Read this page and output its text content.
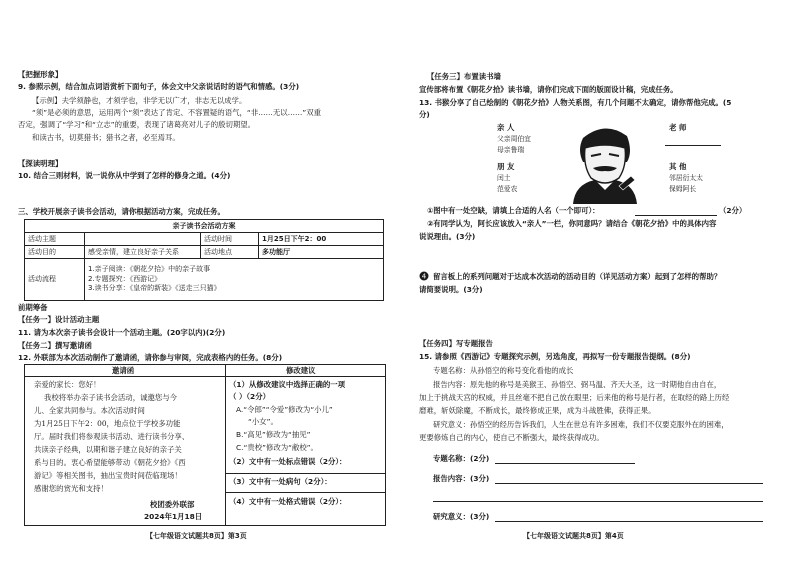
【把握形象】
9. 参照示例，结合加点词语赏析下面句子，体会文中父亲说话时的语气和情感。(3分)
【示例】夫学须静也，才须学也，非学无以广才，非志无以成学。
“须”是必须的意思，运用两个“须”表达了肯定、不容置疑的语气，“非……无以……”双重
否定，强调了“学习”和“立志”的重要，表现了诸葛亮对儿子的殷切期望。
和读古书，切莫猎书；猎书之者，必至焉耳。
【探读明理】
10. 结合三则材料，说一说你从中学到了怎样的修身之道。(4分)
三、学校开展亲子读书会活动，请你根据活动方案，完成任务。
亲子读书会活动方案			
活动主题		活动时间	1月25日下午2：00
活动目的	感受亲情，建立良好亲子关系	活动地点	多功能厅
活动流程	1.亲子阅读：《朝花夕拾》中的亲子故事
2.专题探究：《西游记》
3.读书分享：《皇帝的新装》《送走三只猫》		
前期筹备
【任务一】设计活动主题
11. 请为本次亲子读书会设计一个活动主题。(20字以内)(2分)
【任务二】撰写邀请函
12. 外联部为本次活动制作了邀请函，请你参与审阅，完成表格内的任务。(8分)
邀请函	修改建议
亲爱的家长：您好！
我校将举办亲子读书会活动，诚邀您与今
儿、全家共同参与。本次活动时间
为1月25日下午2：00，地点位于学校多功能
厅。届时我们将参观读书活动、进行读书分享、
共读亲子经典，以期和谐子建立良好的亲子关
系与目的。衷心希望能够带动《朝花夕拾》《西
游记》等相关图书，抽出宝贵时间莅临现场！
感谢您的赏光和支持！
校团委外联部
2024年1月18日
（1）从修改建议中选择正确的一项
（ ）（2分）
A.“令郎”“令爱”修改为“小儿”
“小女”。
B.“高见”修改为“抽见”
C.“贵校”修改为“敝校”。
（2）文中有一处标点错误（2分）：
（3）文中有一处病句（2分）：
（4）文中有一处格式错误（2分）：
【七年级语文试题共8页】第3页
【任务三】布置读书墙
宣传部将布置《朝花夕拾》读书墙，请你们完成下面的版面设计稿，完成任务。
13. 书猴分享了自己绘制的《朝花夕拾》人物关系图，有几个问题不太确定，请你帮他完成。(5
分)
亲 人
父亲周伯宜
母亲鲁瑞
朋 友
闰土
范爱农
老 师
其 他
邻居衍太太
保姆阿长
①图中有一处空缺，请填上合适的人名（一个即可）：	（2分）
②有同学认为，阿长应该放入“亲人”一栏，你同意吗？请结合《朝花夕拾》中的具体内容
说说理由。(3分)
4 留言板上的系列问题对于达成本次活动的活动目的（详见活动方案）起到了怎样的帮助？
请简要说明。(3分)
【任务四】写专题报告
15. 请参照《西游记》专题探究示例，另选角度，再拟写一份专题报告提纲。(8分)
专题名称：从孙悟空的称号变化看他的成长
报告内容：原先他的称号是美猴王、孙悟空、弼马温、齐天大圣，这一时期他自由自在，
加上于挑战天宫的权威，并且丝毫不把自己放在眼里；后来他的称号是行者，在取经的路上历经
磨难，斩妖除魔，不断成长，最终修成正果，成为斗战胜佛，获得正果。
研究意义：孙悟空的经历告诉我们，人生在世总有许多困难，我们不仅要克服外在的困难，
更要修炼自己的内心，使自己不断强大，最终获得成功。
专题名称：(2分)
报告内容：(3分)
研究意义：(3分)
【七年级语文试题共8页】第4页
